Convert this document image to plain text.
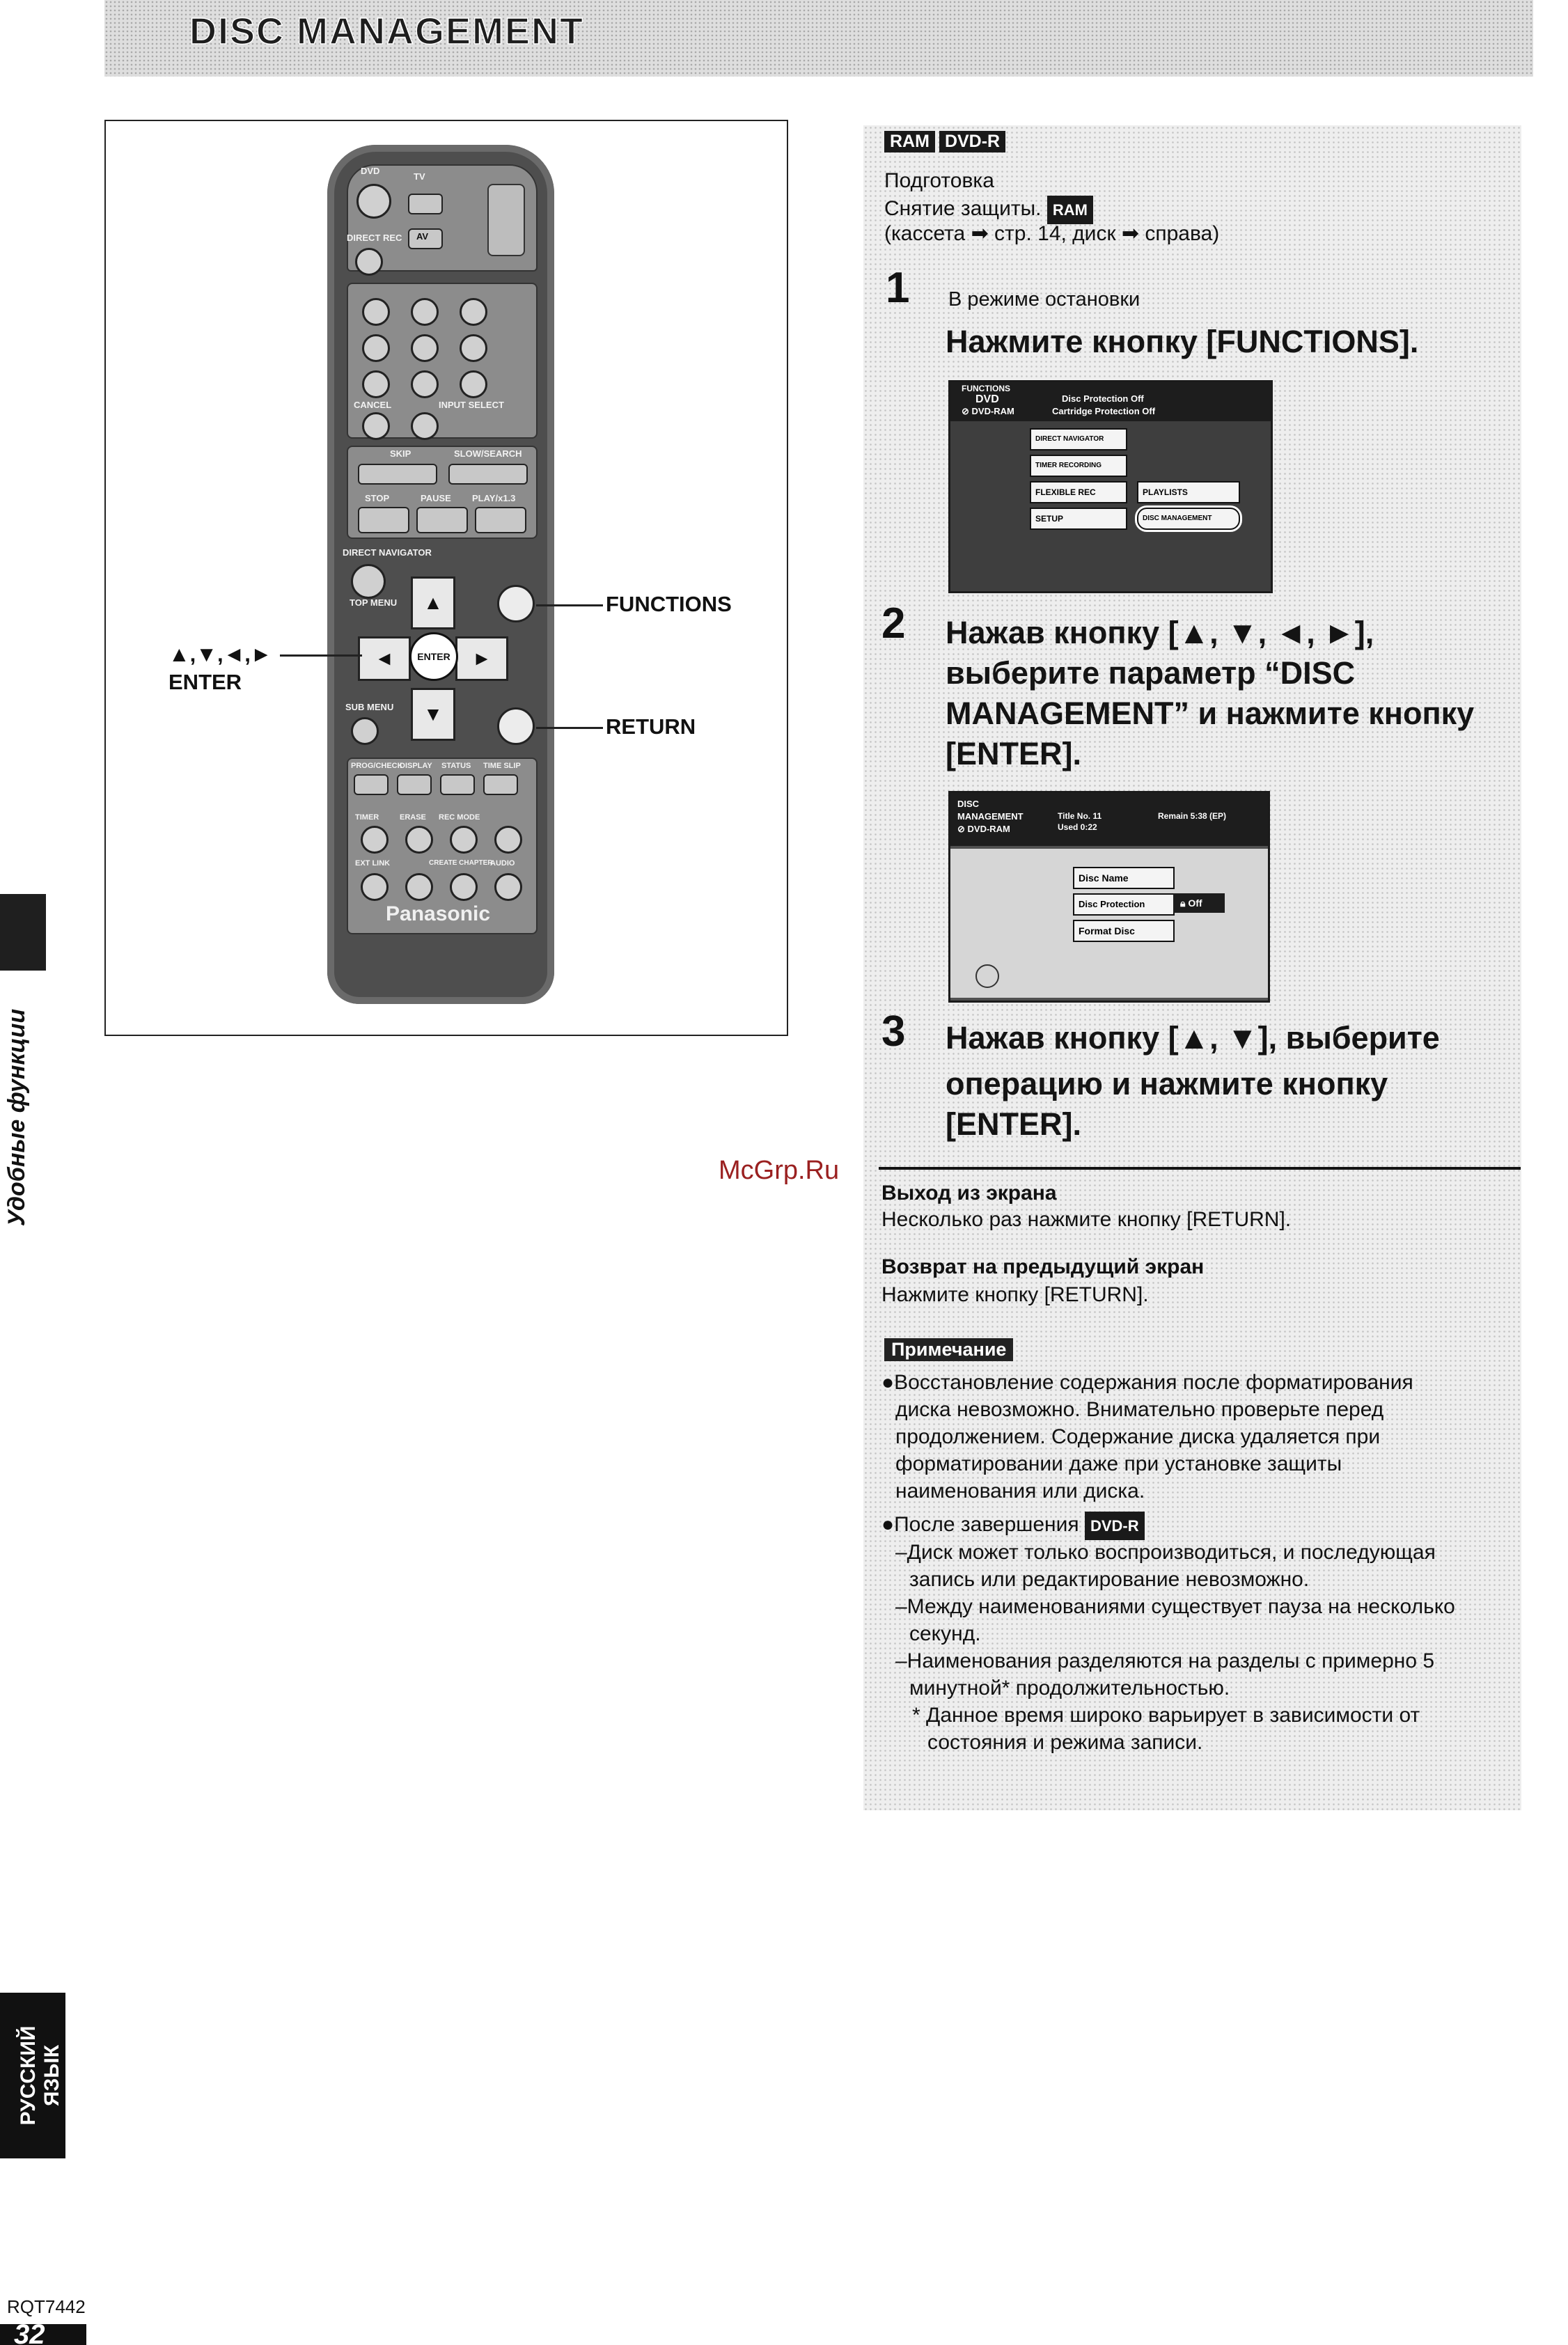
DISC MANAGEMENT
DVD
TV
AV
DIRECT REC
CANCEL	INPUT SELECT
SKIP	SLOW/SEARCH
STOP	PAUSE PLAY/x1.3
DIRECT NAVIGATOR
TOP MENU	▲
◄	►
▼
ENTER
SUB MENU
PROG/CHECK
DISPLAY STATUS TIME SLIP
TIMER	ERASE REC MODE
EXT LINK	CREATE CHAPTER
AUDIO
Panasonic
FUNCTIONS
RETURN
▲,▼,◄,►
ENTER
RAM DVD-R
Подготовка
Снятие защиты. RAM
(кассета ➡ стр. 14, диск ➡ справа)
1 В режиме остановки
Нажмите кнопку [FUNCTIONS].
FUNCTIONS
DVD
⊘ DVD-RAM
Disc Protection Off
Cartridge Protection Off
DIRECT NAVIGATOR
TIMER RECORDING
FLEXIBLE REC
SETUP
PLAYLISTS
DISC MANAGEMENT
2 Нажав кнопку [▲, ▼, ◄, ►],
выберите параметр “DISC
MANAGEMENT” и нажмите кнопку
[ENTER].
DISC
MANAGEMENT
⊘ DVD-RAM
Title No. 11
Used 0:22
Remain 5:38 (EP)
Disc Name
Disc Protection
Format Disc
🔒︎ Off
3 Нажав кнопку [▲, ▼], выберите
операцию и нажмите кнопку
[ENTER].
Выход из экрана
Несколько раз нажмите кнопку [RETURN].
Возврат на предыдущий экран
Нажмите кнопку [RETURN].
Примечание
●Восстановление содержания после форматирования
диска невозможно. Внимательно проверьте перед
продолжением. Содержание диска удаляется при
форматировании даже при установке защиты
наименования или диска.
●После завершения DVD-R
–Диск может только воспроизводиться, и последующая
запись или редактирование невозможно.
–Между наименованиями существует пауза на несколько
секунд.
–Наименования разделяются на разделы с примерно 5
минутной* продолжительностью.
* Данное время широко варьирует в зависимости от
состояния и режима записи.
McGrp.Ru
Удобные функции
РУССКИЙ ЯЗЫК
RQT7442
32
